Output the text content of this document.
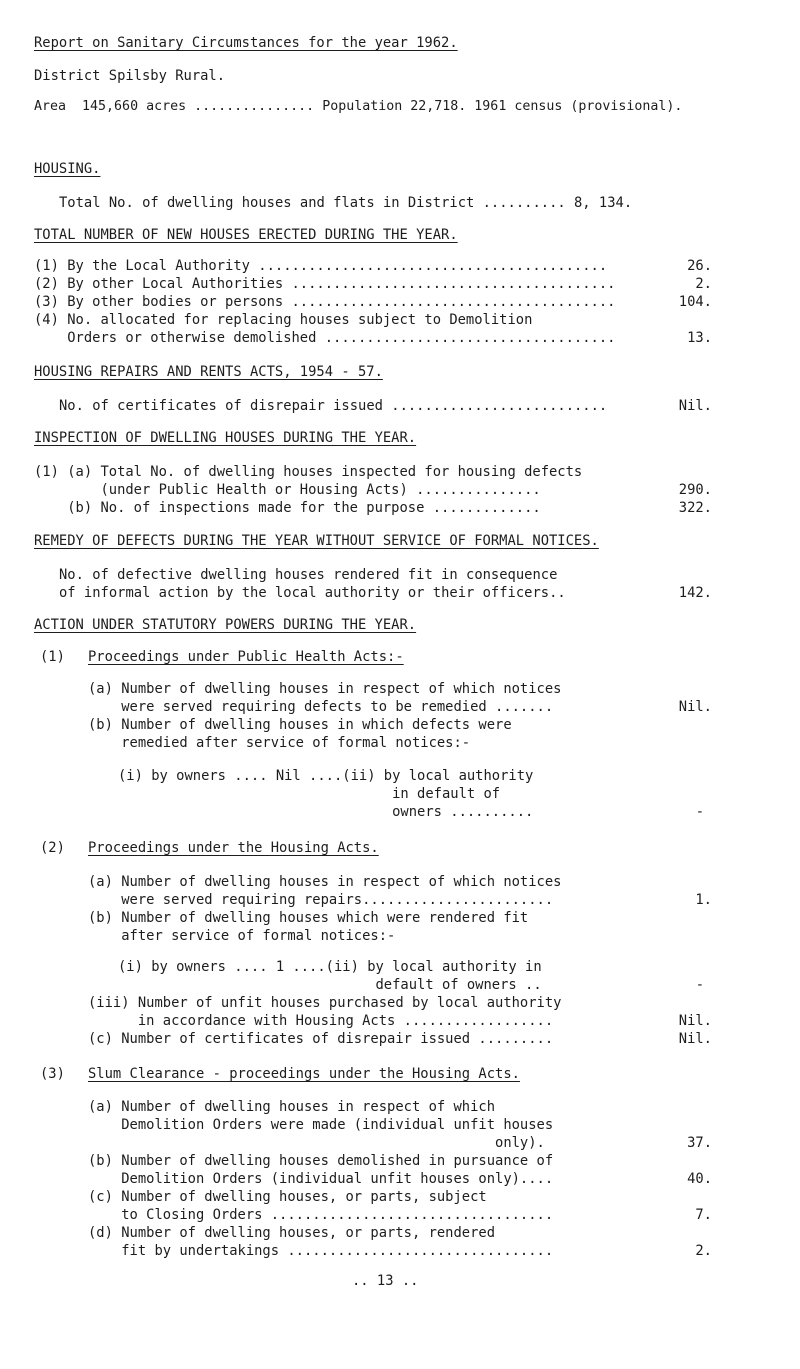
Report on Sanitary Circumstances for the year 1962.
District Spilsby Rural.
Area  145,660 acres ............... Population 22,718. 1961 census (provisional).
HOUSING.
Total No. of dwelling houses and flats in District .......... 8, 134.
TOTAL NUMBER OF NEW HOUSES ERECTED DURING THE YEAR.
(1) By the Local Authority ..........................................	26.
(2) By other Local Authorities .......................................	2.
(3) By other bodies or persons .......................................	104.
(4) No. allocated for replacing houses subject to Demolition
Orders or otherwise demolished ...................................	13.
HOUSING REPAIRS AND RENTS ACTS, 1954 - 57.
No. of certificates of disrepair issued ..........................	Nil.
INSPECTION OF DWELLING HOUSES DURING THE YEAR.
(1) (a) Total No. of dwelling houses inspected for housing defects
(under Public Health or Housing Acts) ...............	290.
(b) No. of inspections made for the purpose .............	322.
REMEDY OF DEFECTS DURING THE YEAR WITHOUT SERVICE OF FORMAL NOTICES.
No. of defective dwelling houses rendered fit in consequence
of informal action by the local authority or their officers..	142.
ACTION UNDER STATUTORY POWERS DURING THE YEAR.
(1) Proceedings under Public Health Acts:-
(a) Number of dwelling houses in respect of which notices
were served requiring defects to be remedied .......	Nil.
(b) Number of dwelling houses in which defects were
remedied after service of formal notices:-
(i) by owners .... Nil ....(ii) by local authority
in default of
owners ..........	-
(2) Proceedings under the Housing Acts.
(a) Number of dwelling houses in respect of which notices
were served requiring repairs.......................	1.
(b) Number of dwelling houses which were rendered fit
after service of formal notices:-
(i) by owners .... 1 ....(ii) by local authority in
default of owners ..	-
(iii) Number of unfit houses purchased by local authority
in accordance with Housing Acts ..................	Nil.
(c) Number of certificates of disrepair issued .........	Nil.
(3) Slum Clearance - proceedings under the Housing Acts.
(a) Number of dwelling houses in respect of which
Demolition Orders were made (individual unfit houses
only).	37.
(b) Number of dwelling houses demolished in pursuance of
Demolition Orders (individual unfit houses only)....	40.
(c) Number of dwelling houses, or parts, subject
to Closing Orders ..................................	7.
(d) Number of dwelling houses, or parts, rendered
fit by undertakings ................................	2.
.. 13 ..
